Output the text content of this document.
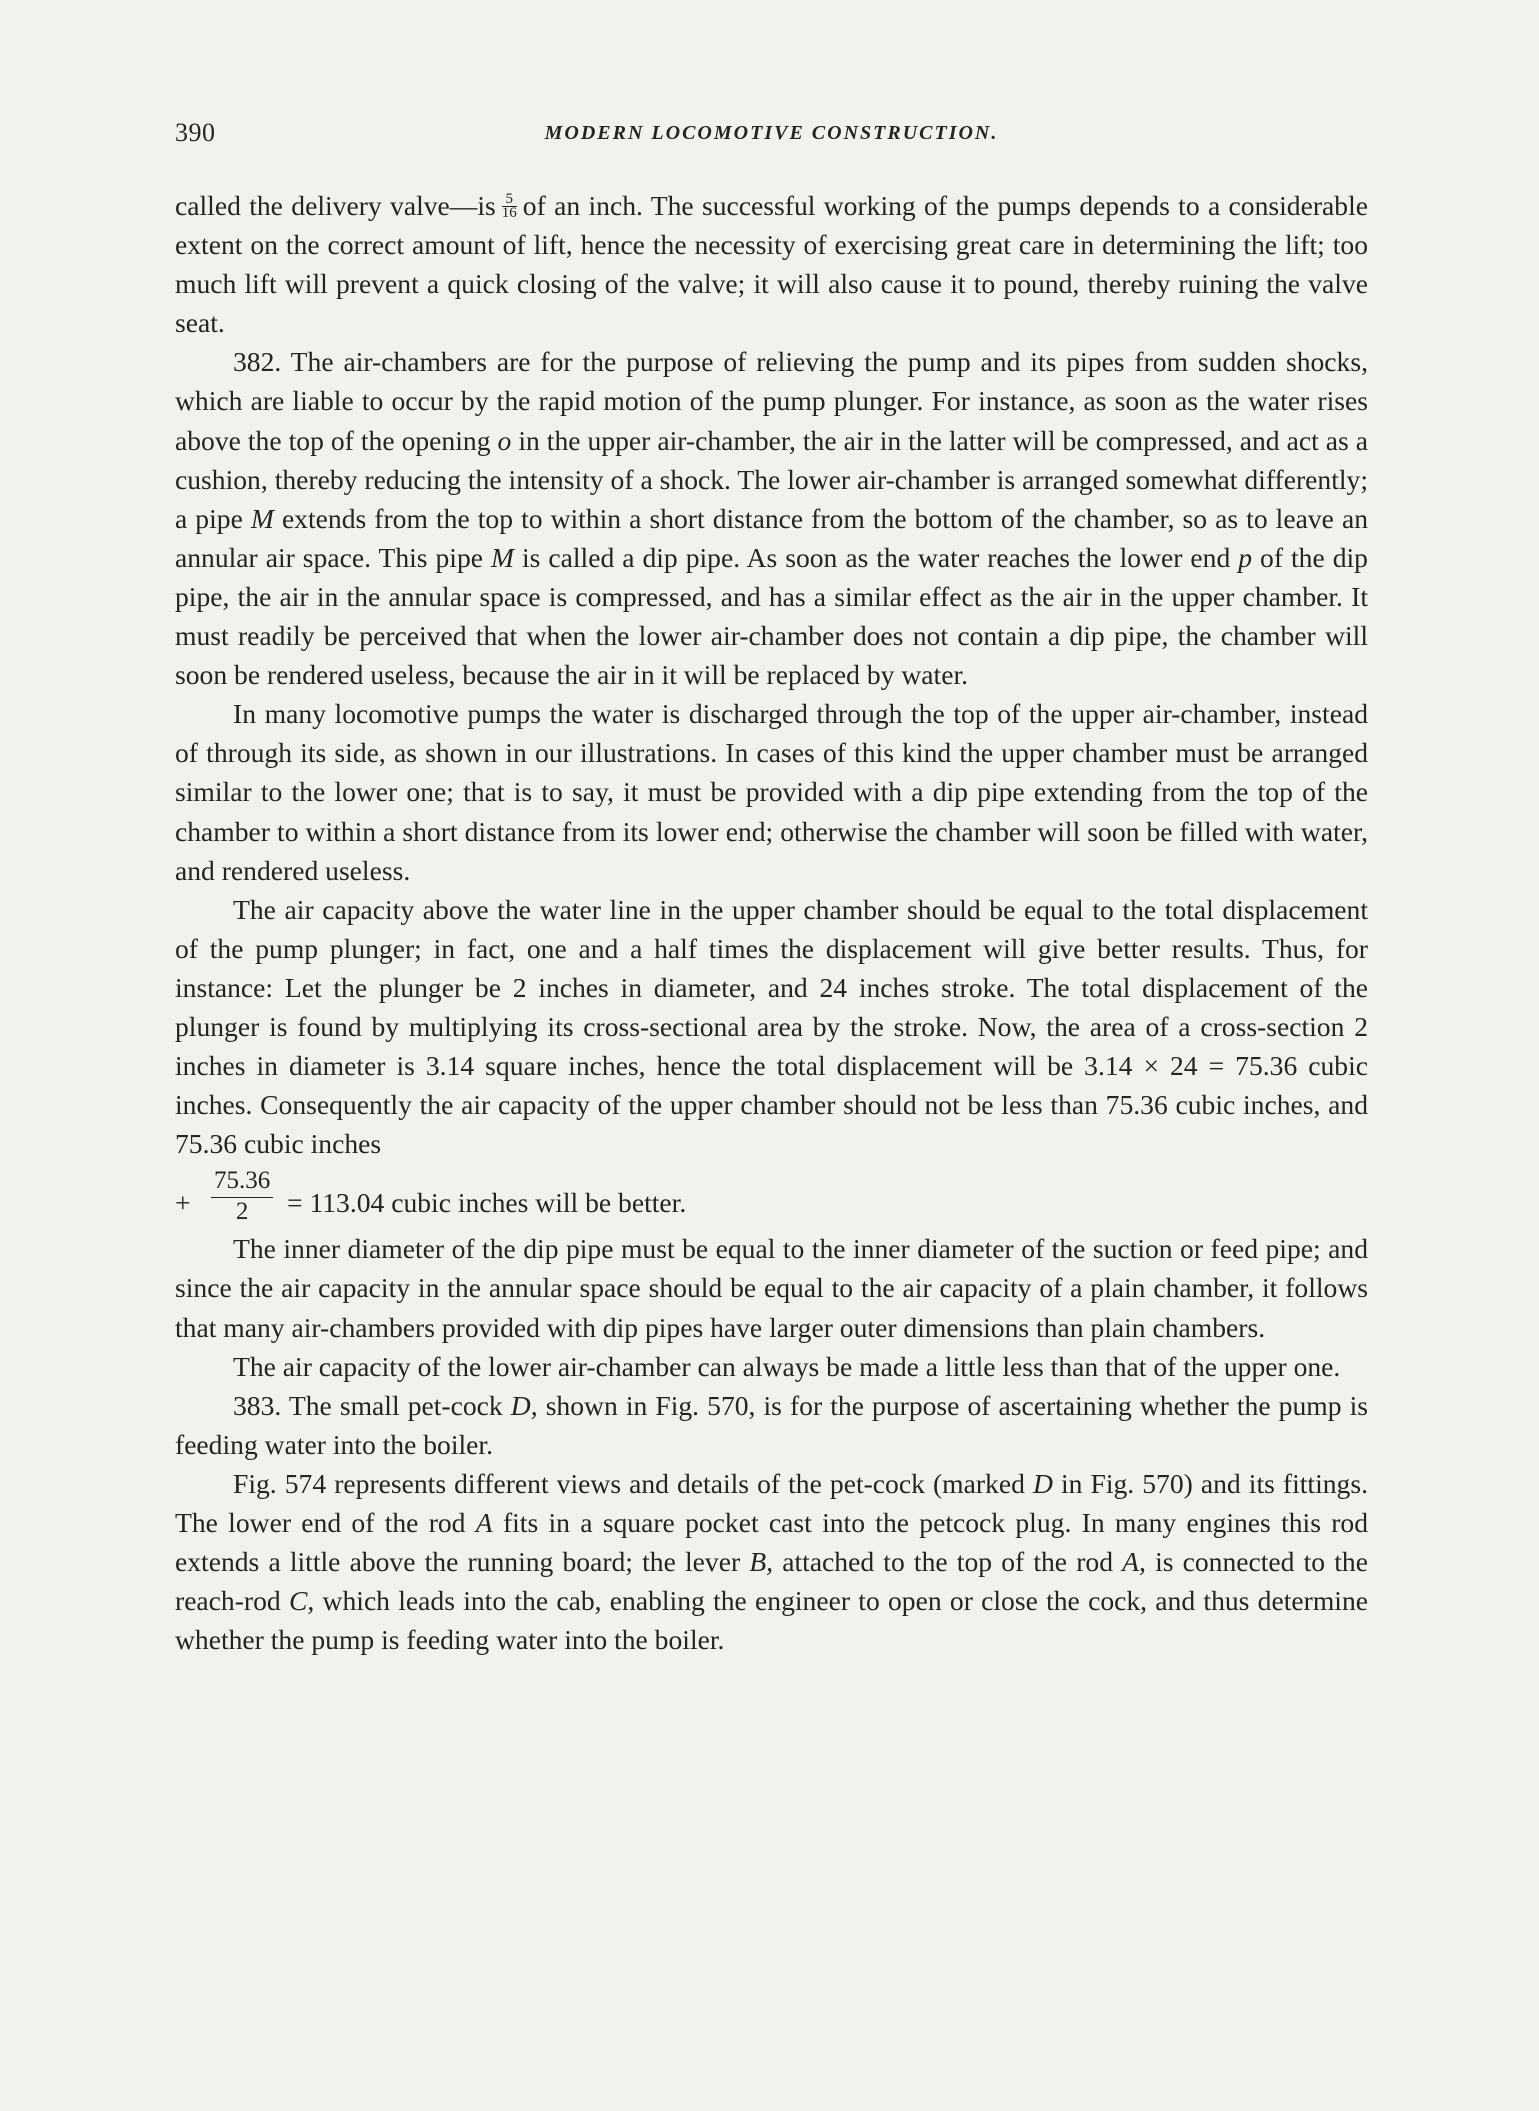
390	MODERN LOCOMOTIVE CONSTRUCTION.

called the delivery valve—is $\frac{5}{16}$ of an inch. The successful working of the pumps depends to a considerable extent on the correct amount of lift, hence the necessity of exercising great care in determining the lift; too much lift will prevent a quick closing of the valve; it will also cause it to pound, thereby ruining the valve seat.

382. The air-chambers are for the purpose of relieving the pump and its pipes from sudden shocks, which are liable to occur by the rapid motion of the pump plunger. For instance, as soon as the water rises above the top of the opening o in the upper air-chamber, the air in the latter will be compressed, and act as a cushion, thereby reducing the intensity of a shock. The lower air-chamber is arranged somewhat differently; a pipe M extends from the top to within a short distance from the bottom of the chamber, so as to leave an annular air space. This pipe M is called a dip pipe. As soon as the water reaches the lower end p of the dip pipe, the air in the annular space is compressed, and has a similar effect as the air in the upper chamber. It must readily be perceived that when the lower air-chamber does not contain a dip pipe, the chamber will soon be rendered useless, because the air in it will be replaced by water.

In many locomotive pumps the water is discharged through the top of the upper air-chamber, instead of through its side, as shown in our illustrations. In cases of this kind the upper chamber must be arranged similar to the lower one; that is to say, it must be provided with a dip pipe extending from the top of the chamber to within a short distance from its lower end; otherwise the chamber will soon be filled with water, and rendered useless.

The air capacity above the water line in the upper chamber should be equal to the total displacement of the pump plunger; in fact, one and a half times the displacement will give better results. Thus, for instance: Let the plunger be 2 inches in diameter, and 24 inches stroke. The total displacement of the plunger is found by multiplying its cross-sectional area by the stroke. Now, the area of a cross-section 2 inches in diameter is 3.14 square inches, hence the total displacement will be 3.14 × 24 = 75.36 cubic inches. Consequently the air capacity of the upper chamber should not be less than 75.36 cubic inches, and 75.36 cubic inches

+ $\frac{75.36}{2} = 113.04$ cubic inches will be better.

The inner diameter of the dip pipe must be equal to the inner diameter of the suction or feed pipe; and since the air capacity in the annular space should be equal to the air capacity of a plain chamber, it follows that many air-chambers provided with dip pipes have larger outer dimensions than plain chambers.

The air capacity of the lower air-chamber can always be made a little less than that of the upper one.

383. The small pet-cock D, shown in Fig. 570, is for the purpose of ascertaining whether the pump is feeding water into the boiler.

Fig. 574 represents different views and details of the pet-cock (marked D in Fig. 570) and its fittings. The lower end of the rod A fits in a square pocket cast into the petcock plug. In many engines this rod extends a little above the running board; the lever B, attached to the top of the rod A, is connected to the reach-rod C, which leads into the cab, enabling the engineer to open or close the cock, and thus determine whether the pump is feeding water into the boiler.
